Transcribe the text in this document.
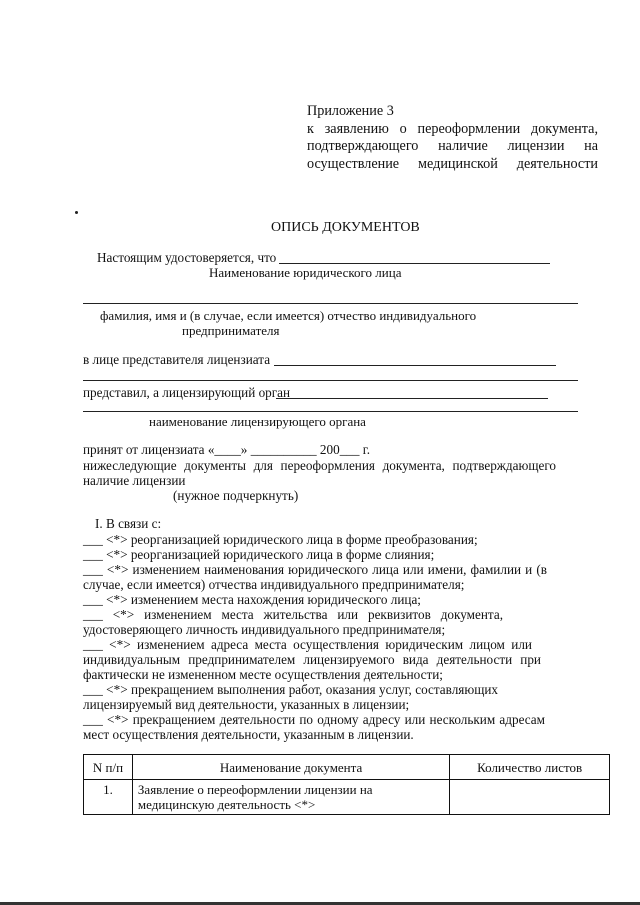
Приложение 3
к заявлению о переоформлении документа,
подтверждающего наличие лицензии на
осуществление медицинской деятельности
ОПИСЬ ДОКУМЕНТОВ
Настоящим удостоверяется, что
Наименование юридического лица
фамилия, имя и (в случае, если имеется) отчество индивидуального
предпринимателя
в лице представителя лицензиата
представил, а лицензирующий орган
наименование лицензирующего органа
принят от лицензиата «____» __________ 200___ г.
нижеследующие документы для переоформления документа, подтверждающего
наличие лицензии
(нужное подчеркнуть)
I. В связи с:
___ <*> реорганизацией юридического лица в форме преобразования;
___ <*> реорганизацией юридического лица в форме слияния;
___ <*> изменением наименования юридического лица или имени, фамилии и (в
случае, если имеется) отчества индивидуального предпринимателя;
___ <*> изменением места нахождения юридического лица;
___ <*> изменением места жительства или реквизитов документа,
удостоверяющего личность индивидуального предпринимателя;
___ <*> изменением адреса места осуществления юридическим лицом или
индивидуальным предпринимателем лицензируемого вида деятельности при
фактически не измененном месте осуществления деятельности;
___ <*> прекращением выполнения работ, оказания услуг, составляющих
лицензируемый вид деятельности, указанных в лицензии;
___ <*> прекращением деятельности по одному адресу или нескольким адресам
мест осуществления деятельности, указанным в лицензии.
N п/п	Наименование документа	Количество листов
1.	Заявление о переоформлении лицензии на
медицинскую деятельность <*>	
